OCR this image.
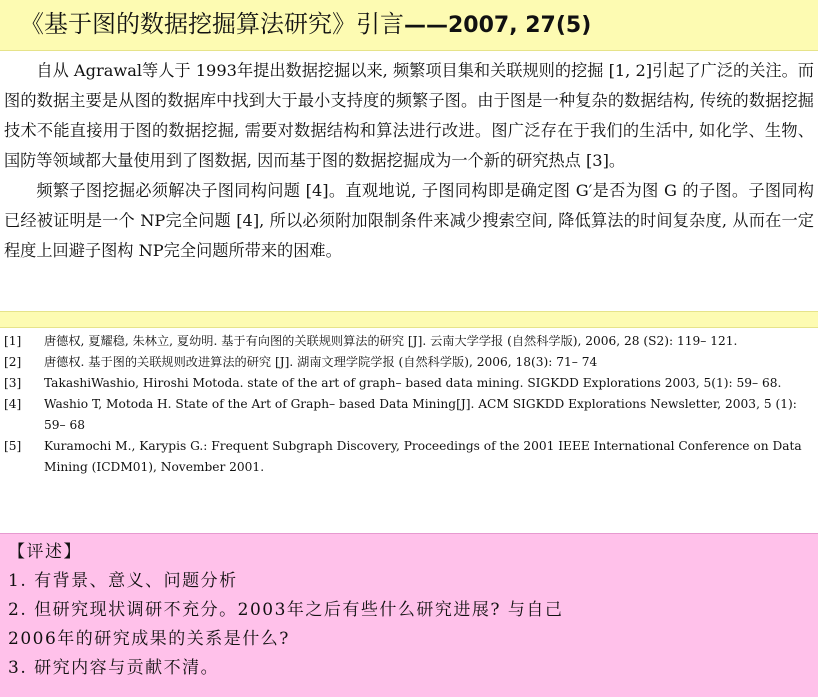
《基于图的数据挖掘算法研究》引言——2007, 27(5)

自从 Agrawal等人于 1993年提出数据挖掘以来, 频繁项目集和关联规则的挖掘 [1, 2]引起了广泛的关注。而图的数据主要是从图的数据库中找到大于最小支持度的频繁子图。由于图是一种复杂的数据结构, 传统的数据挖掘技术不能直接用于图的数据挖掘, 需要对数据结构和算法进行改进。图广泛存在于我们的生活中, 如化学、生物、国防等领域都大量使用到了图数据, 因而基于图的数据挖掘成为一个新的研究热点 [3]。

频繁子图挖掘必须解决子图同构问题 [4]。直观地说, 子图同构即是确定图 G′是否为图 G 的子图。子图同构已经被证明是一个 NP完全问题 [4], 所以必须附加限制条件来减少搜索空间, 降低算法的时间复杂度, 从而在一定程度上回避子图构 NP完全问题所带来的困难。

[1]	唐德权, 夏耀稳, 朱林立, 夏幼明. 基于有向图的关联规则算法的研究 [J]. 云南大学学报 (自然科学版), 2006, 28 (S2): 119– 121.
[2]	唐德权. 基于图的关联规则改进算法的研究 [J]. 湖南文理学院学报 (自然科学版), 2006, 18(3): 71– 74
[3]	TakashiWashio, Hiroshi Motoda. state of the art of graph– based data mining. SIGKDD Explorations 2003, 5(1): 59– 68.
[4]	Washio T, Motoda H. State of the Art of Graph– based Data Mining[J]. ACM SIGKDD Explorations Newsletter, 2003, 5 (1): 59– 68
[5]	Kuramochi M., Karypis G.: Frequent Subgraph Discovery, Proceedings of the 2001 IEEE International Conference on Data Mining (ICDM01), November 2001.
【评述】
1. 有背景、意义、问题分析
2. 但研究现状调研不充分。2003年之后有些什么研究进展? 与自己
2006年的研究成果的关系是什么?
3. 研究内容与贡献不清。
